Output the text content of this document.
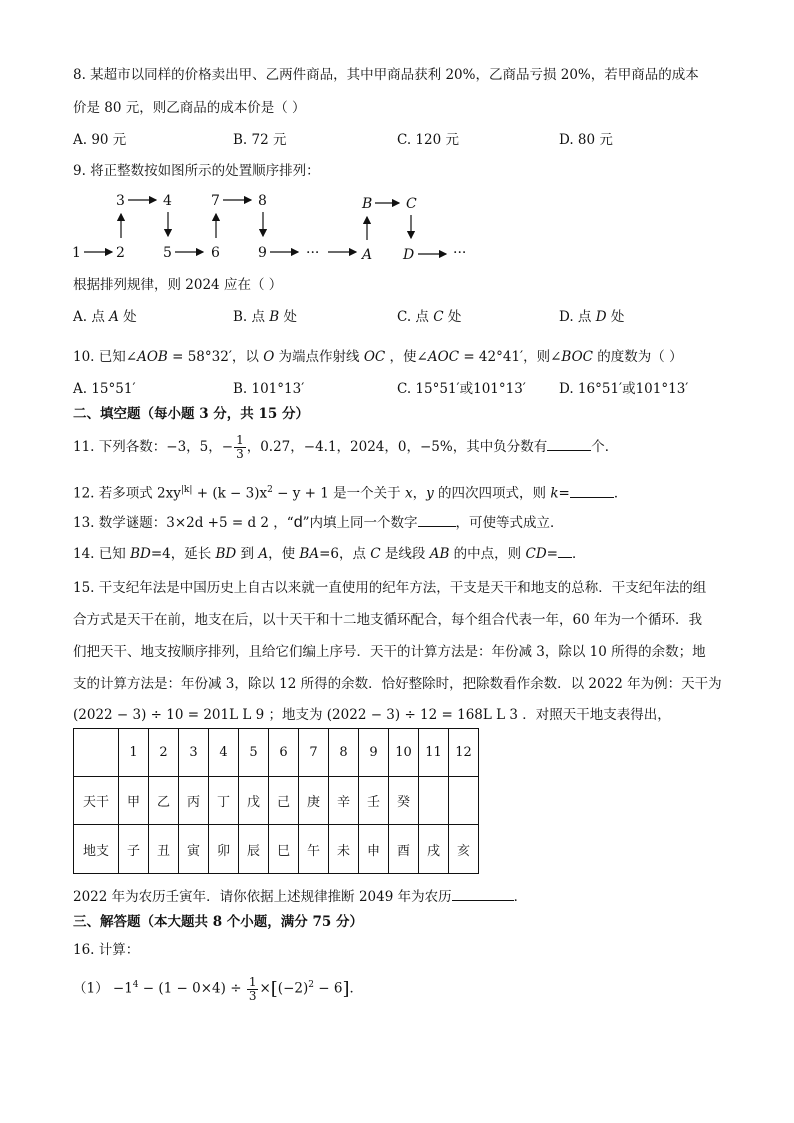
8. 某超市以同样的价格卖出甲、乙两件商品，其中甲商品获利 20%，乙商品亏损 20%，若甲商品的成本
价是 80 元，则乙商品的成本价是（ ）
A. 90 元	B. 72 元	C. 120 元	D. 80 元
9. 将正整数按如图所示的处置顺序排列：
3	4	7	8	B C
1	2	5	6	9	···	A D	···
根据排列规律，则 2024 应在（ ）
A. 点 A 处	B. 点 B 处	C. 点 C 处	D. 点 D 处
10. 已知∠AOB = 58°32′，以 O 为端点作射线 OC ，使∠AOC = 42°41′，则∠BOC 的度数为（ ）
A. 15°51′	B. 101°13′	C. 15°51′或101°13′ D. 16°51′或101°13′
二、填空题（每小题 3 分，共 15 分）
11. 下列各数：−3，5，− $\frac{1}{3}$ ，0.27，−4.1，2024，0，−5%，其中负分数有	个．
12. 若多项式 $2xy^{|k|} + (k - 3)x^2 - y + 1$ 是一个关于 x，y 的四次四项式，则 k=	．
13. 数学谜题：3×2d +5 = d 2 ，“d”内填上同一个数字	，可使等式成立．
14. 已知 BD=4，延长 BD 到 A，使 BA=6，点 C 是线段 AB 的中点，则 CD= ．
15. 干支纪年法是中国历史上自古以来就一直使用的纪年方法，干支是天干和地支的总称．干支纪年法的组
合方式是天干在前，地支在后，以十天干和十二地支循环配合，每个组合代表一年，60 年为一个循环．我
们把天干、地支按顺序排列，且给它们编上序号．天干的计算方法是：年份减 3，除以 10 所得的余数；地
支的计算方法是：年份减 3，除以 12 所得的余数．恰好整除时，把除数看作余数．以 2022 年为例：天干为
(2022 − 3) ÷ 10 = 201L L 9 ；地支为 (2022 − 3) ÷ 12 = 168L L 3 ．对照天干地支表得出，
	1	2	3	4	5	6	7	8	9	10	11	12
天干	甲	乙	丙	丁	戊	己	庚	辛	壬	癸		
地支	子	丑	寅	卯	辰	巳	午	未	申	酉	戌	亥
2022 年为农历壬寅年．请你依据上述规律推断 2049 年为农历	．
三、解答题（本大题共 8 个小题，满分 75 分）
16. 计算：
$(1) -1^4 - (1 - 0\times 4) \div \frac{1}{3} \times[(-2)^2 - 6]$．
